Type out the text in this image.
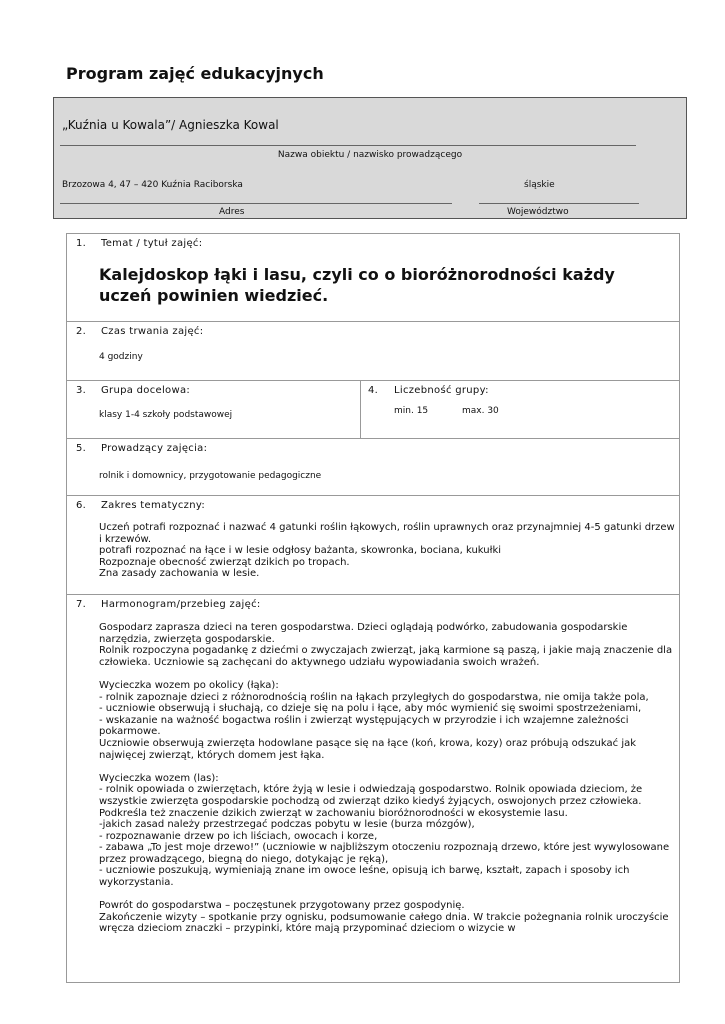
Program zajęć edukacyjnych
„Kuźnia u Kowala”/ Agnieszka Kowal
Nazwa obiektu / nazwisko prowadzącego
Brzozowa 4, 47 – 420 Kuźnia Raciborska	śląskie
Adres	Województwo
1. Temat / tytuł zajęć:
Kalejdoskop łąki i lasu, czyli co o bioróżnorodności każdy uczeń powinien wiedzieć.
2. Czas trwania zajęć:
4 godziny
3. Grupa docelowa:
klasy 1-4 szkoły podstawowej
4. Liczebność grupy:
min. 15	max. 30
5. Prowadzący zajęcia:
rolnik i domownicy, przygotowanie pedagogiczne
6. Zakres tematyczny:
Uczeń potrafi rozpoznać i nazwać 4 gatunki roślin łąkowych, roślin uprawnych oraz przynajmniej 4-5 gatunki drzew i krzewów.
potrafi rozpoznać na łące i w lesie odgłosy bażanta, skowronka, bociana, kukułki
Rozpoznaje obecność zwierząt dzikich po tropach.
Zna zasady zachowania w lesie.
7. Harmonogram/przebieg zajęć:
Gospodarz zaprasza dzieci na teren gospodarstwa. Dzieci oglądają podwórko, zabudowania gospodarskie narzędzia, zwierzęta gospodarskie.
Rolnik rozpoczyna pogadankę z dziećmi o zwyczajach zwierząt, jaką karmione są paszą, i jakie mają znaczenie dla człowieka. Uczniowie są zachęcani do aktywnego udziału wypowiadania swoich wrażeń.

Wycieczka wozem po okolicy (łąka):
- rolnik zapoznaje dzieci z różnorodnością roślin na łąkach przyległych do gospodarstwa, nie omija także pola,
- uczniowie obserwują i słuchają, co dzieje się na polu i łące, aby móc wymienić się swoimi spostrzeżeniami,
- wskazanie na ważność bogactwa roślin i zwierząt występujących w przyrodzie i ich wzajemne zależności pokarmowe.
Uczniowie obserwują zwierzęta hodowlane pasące się na łące (koń, krowa, kozy) oraz próbują odszukać jak najwięcej zwierząt, których domem jest łąka.

Wycieczka wozem (las):
- rolnik opowiada o zwierzętach, które żyją w lesie i odwiedzają gospodarstwo. Rolnik opowiada dzieciom, że wszystkie zwierzęta gospodarskie pochodzą od zwierząt dziko kiedyś żyjących, oswojonych przez człowieka. Podkreśla też znaczenie dzikich zwierząt w zachowaniu bioróżnorodności w ekosystemie lasu.
-jakich zasad należy przestrzegać podczas pobytu w lesie (burza mózgów),
- rozpoznawanie drzew po ich liściach, owocach i korze,
- zabawa „To jest moje drzewo!” (uczniowie w najbliższym otoczeniu rozpoznają drzewo, które jest wywylosowane przez prowadzącego, biegną do niego, dotykając je ręką),
- uczniowie poszukują, wymieniają znane im owoce leśne, opisują ich barwę, kształt, zapach i sposoby ich wykorzystania.

Powrót do gospodarstwa – poczęstunek przygotowany przez gospodynię.
Zakończenie wizyty – spotkanie przy ognisku, podsumowanie całego dnia. W trakcie pożegnania rolnik uroczyście wręcza dzieciom znaczki – przypinki, które mają przypominać dzieciom o wizycie w
